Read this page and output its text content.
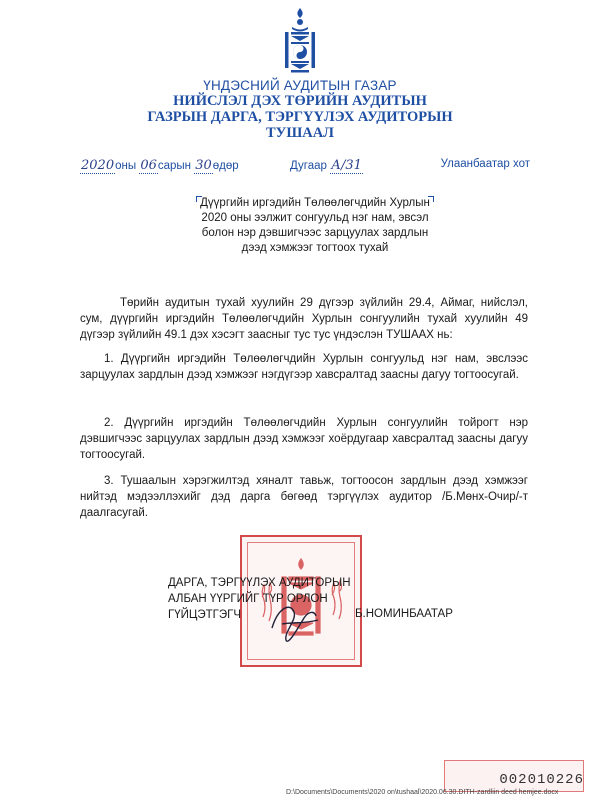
ҮНДЭСНИЙ АУДИТЫН ГАЗАР
НИЙСЛЭЛ ДЭХ ТӨРИЙН АУДИТЫН
ГАЗРЫН ДАРГА, ТЭРГҮҮЛЭХ АУДИТОРЫН
ТУШААЛ
2020оны 06сарын 30өдөр	Дугаар А/31	Улаанбаатар хот
Дүүргийн иргэдийн Төлөөлөгчдийн Хурлын
2020 оны ээлжит сонгуульд нэг нам, эвсэл
болон нэр дэвшигчээс зарцуулах зардлын
дээд хэмжээг тогтоох тухай
Төрийн аудитын тухай хуулийн 29 дүгээр зүйлийн 29.4, Аймаг, нийслэл, сум, дүүргийн иргэдийн Төлөөлөгчдийн Хурлын сонгуулийн тухай хуулийн 49 дүгээр зүйлийн 49.1 дэх хэсэгт заасныг тус тус үндэслэн ТУШААХ нь:
1. Дүүргийн иргэдийн Төлөөлөгчдийн Хурлын сонгуульд нэг нам, эвслээс зарцуулах зардлын дээд хэмжээг нэгдүгээр хавсралтад заасны дагуу тогтоосугай.
2. Дүүргийн иргэдийн Төлөөлөгчдийн Хурлын сонгуулийн тойрогт нэр дэвшигчээс зарцуулах зардлын дээд хэмжээг хоёрдугаар хавсралтад заасны дагуу тогтоосугай.
3. Тушаалын хэрэгжилтэд хяналт тавьж, тогтоосон зардлын дээд хэмжээг нийтэд мэдээллэхийг дэд дарга бөгөөд тэргүүлэх аудитор /Б.Мөнх-Очир/-т даалгасугай.
ДАРГА, ТЭРГҮҮЛЭХ АУДИТОРЫН
АЛБАН ҮҮРГИЙГ ТҮР ОРЛОН
ГҮЙЦЭТГЭГЧ	Б.НОМИНБААТАР
002010226
D:\Documents\Documents\2020 on\tushaal\2020.06.30.DITH-zardliin deed hemjee.docx
